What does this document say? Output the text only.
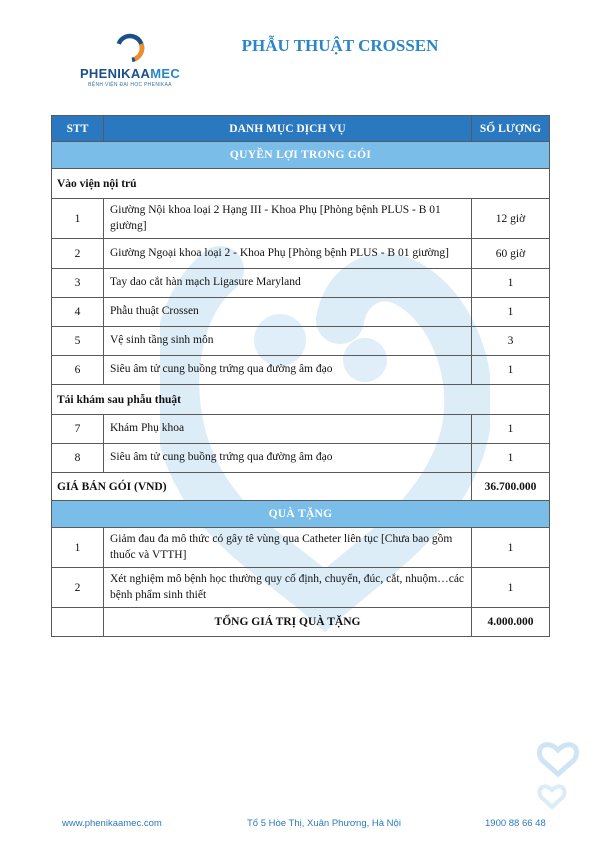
PHENIKAAMEC
BỆNH VIỆN ĐẠI HỌC PHENIKAA
PHẪU THUẬT CROSSEN
STT	DANH MỤC DỊCH VỤ	SỐ LƯỢNG
QUYỀN LỢI TRONG GÓI		
Vào viện nội trú		
1	Giường Nội khoa loại 2 Hạng III - Khoa Phụ [Phòng bệnh PLUS - B 01 giường]	12 giờ
2	Giường Ngoại khoa loại 2 - Khoa Phụ [Phòng bệnh PLUS - B 01 giường]	60 giờ
3	Tay dao cắt hàn mạch Ligasure Maryland	1
4	Phẫu thuật Crossen	1
5	Vệ sinh tầng sinh môn	3
6	Siêu âm tử cung buồng trứng qua đường âm đạo	1
Tái khám sau phẫu thuật		
7	Khám Phụ khoa	1
8	Siêu âm tử cung buồng trứng qua đường âm đạo	1
GIÁ BÁN GÓI (VND)		36.700.000
QUÀ TẶNG		
1	Giảm đau đa mô thức có gây tê vùng qua Catheter liên tục [Chưa bao gồm thuốc và VTTH]	1
2	Xét nghiệm mô bệnh học thường quy cố định, chuyển, đúc, cắt, nhuộm…các bệnh phẩm sinh thiết	1
	TỔNG GIÁ TRỊ QUÀ TẶNG	4.000.000
www.phenikaamec.com	Tổ 5 Hòe Thị, Xuân Phương, Hà Nội	1900 88 66 48
